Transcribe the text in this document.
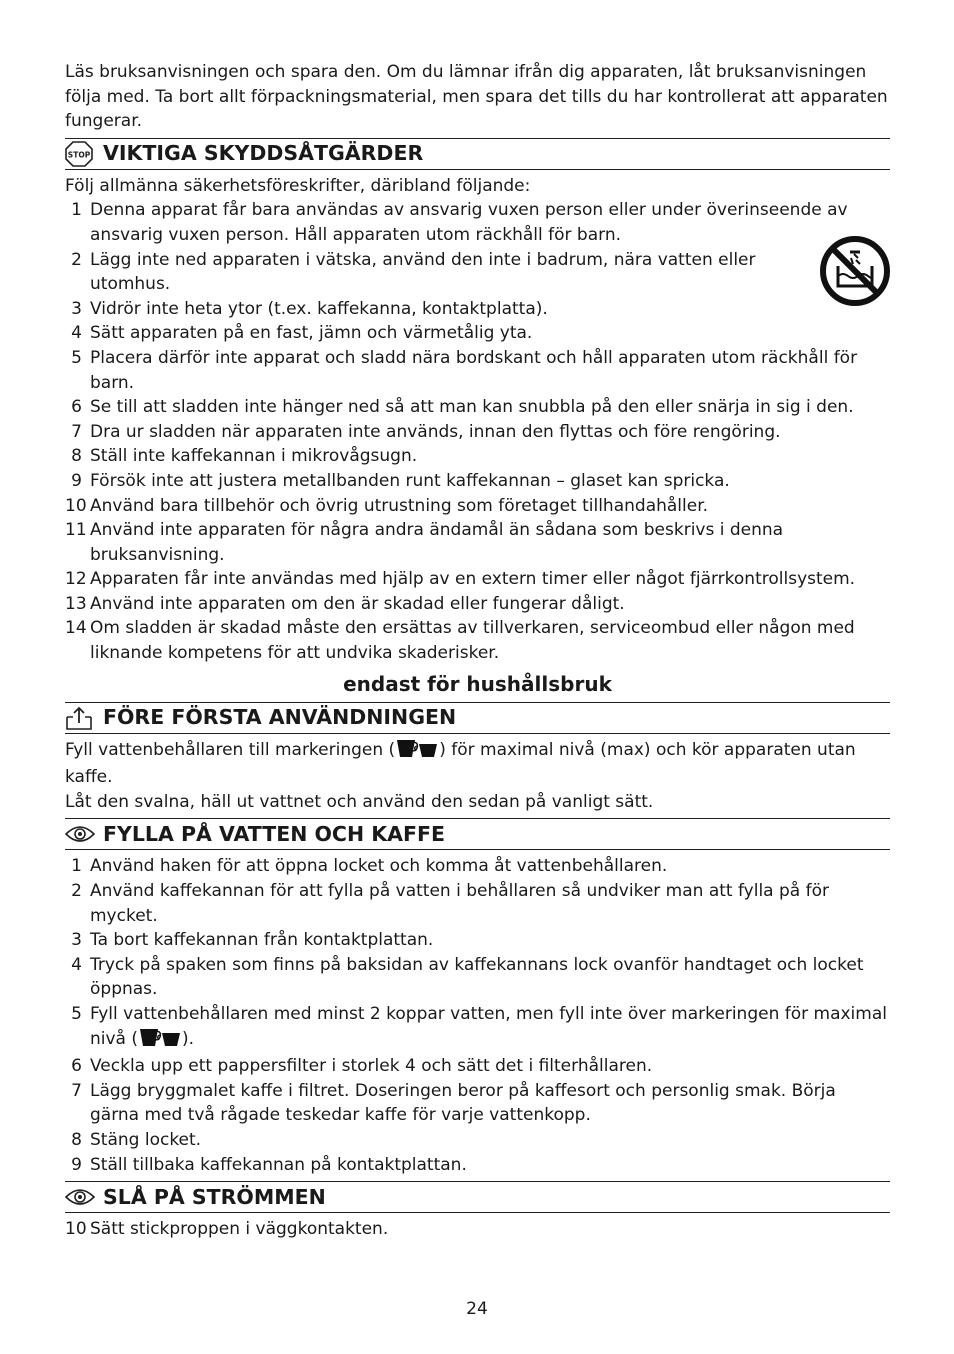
Läs bruksanvisningen och spara den. Om du lämnar ifrån dig apparaten, låt bruksanvisningen följa med. Ta bort allt förpackningsmaterial, men spara det tills du har kontrollerat att apparaten fungerar.

STOP VIKTIGA SKYDDSÅTGÄRDER

Följ allmänna säkerhetsföreskrifter, däribland följande:

1 Denna apparat får bara användas av ansvarig vuxen person eller under överinseende av ansvarig vuxen person. Håll apparaten utom räckhåll för barn.
2 Lägg inte ned apparaten i vätska, använd den inte i badrum, nära vatten eller utomhus.
3 Vidrör inte heta ytor (t.ex. kaffekanna, kontaktplatta).
4 Sätt apparaten på en fast, jämn och värmetålig yta.
5 Placera därför inte apparat och sladd nära bordskant och håll apparaten utom räckhåll för barn.
6 Se till att sladden inte hänger ned så att man kan snubbla på den eller snärja in sig i den.
7 Dra ur sladden när apparaten inte används, innan den flyttas och före rengöring.
8 Ställ inte kaffekannan i mikrovågsugn.
9 Försök inte att justera metallbanden runt kaffekannan – glaset kan spricka.
10 Använd bara tillbehör och övrig utrustning som företaget tillhandahåller.
11 Använd inte apparaten för några andra ändamål än sådana som beskrivs i denna bruksanvisning.
12 Apparaten får inte användas med hjälp av en extern timer eller något fjärrkontrollsystem.
13 Använd inte apparaten om den är skadad eller fungerar dåligt.
14 Om sladden är skadad måste den ersättas av tillverkaren, serviceombud eller någon med liknande kompetens för att undvika skaderisker.

endast för hushållsbruk

FÖRE FÖRSTA ANVÄNDNINGEN

Fyll vattenbehållaren till markeringen (	) för maximal nivå (max) och kör apparaten utan kaffe.

Låt den svalna, häll ut vattnet och använd den sedan på vanligt sätt.

FYLLA PÅ VATTEN OCH KAFFE
1 Använd haken för att öppna locket och komma åt vattenbehållaren.
2 Använd kaffekannan för att fylla på vatten i behållaren så undviker man att fylla på för mycket.
3 Ta bort kaffekannan från kontaktplattan.
4 Tryck på spaken som finns på baksidan av kaffekannans lock ovanför handtaget och locket öppnas.
5 Fyll vattenbehållaren med minst 2 koppar vatten, men fyll inte över markeringen för maximal nivå (	).
6 Veckla upp ett pappersfilter i storlek 4 och sätt det i filterhållaren.
7 Lägg bryggmalet kaffe i filtret. Doseringen beror på kaffesort och personlig smak. Börja gärna med två rågade teskedar kaffe för varje vattenkopp.
8 Stäng locket.
9 Ställ tillbaka kaffekannan på kontaktplattan.
SLÅ PÅ STRÖMMEN
10 Sätt stickproppen i väggkontakten.
24
